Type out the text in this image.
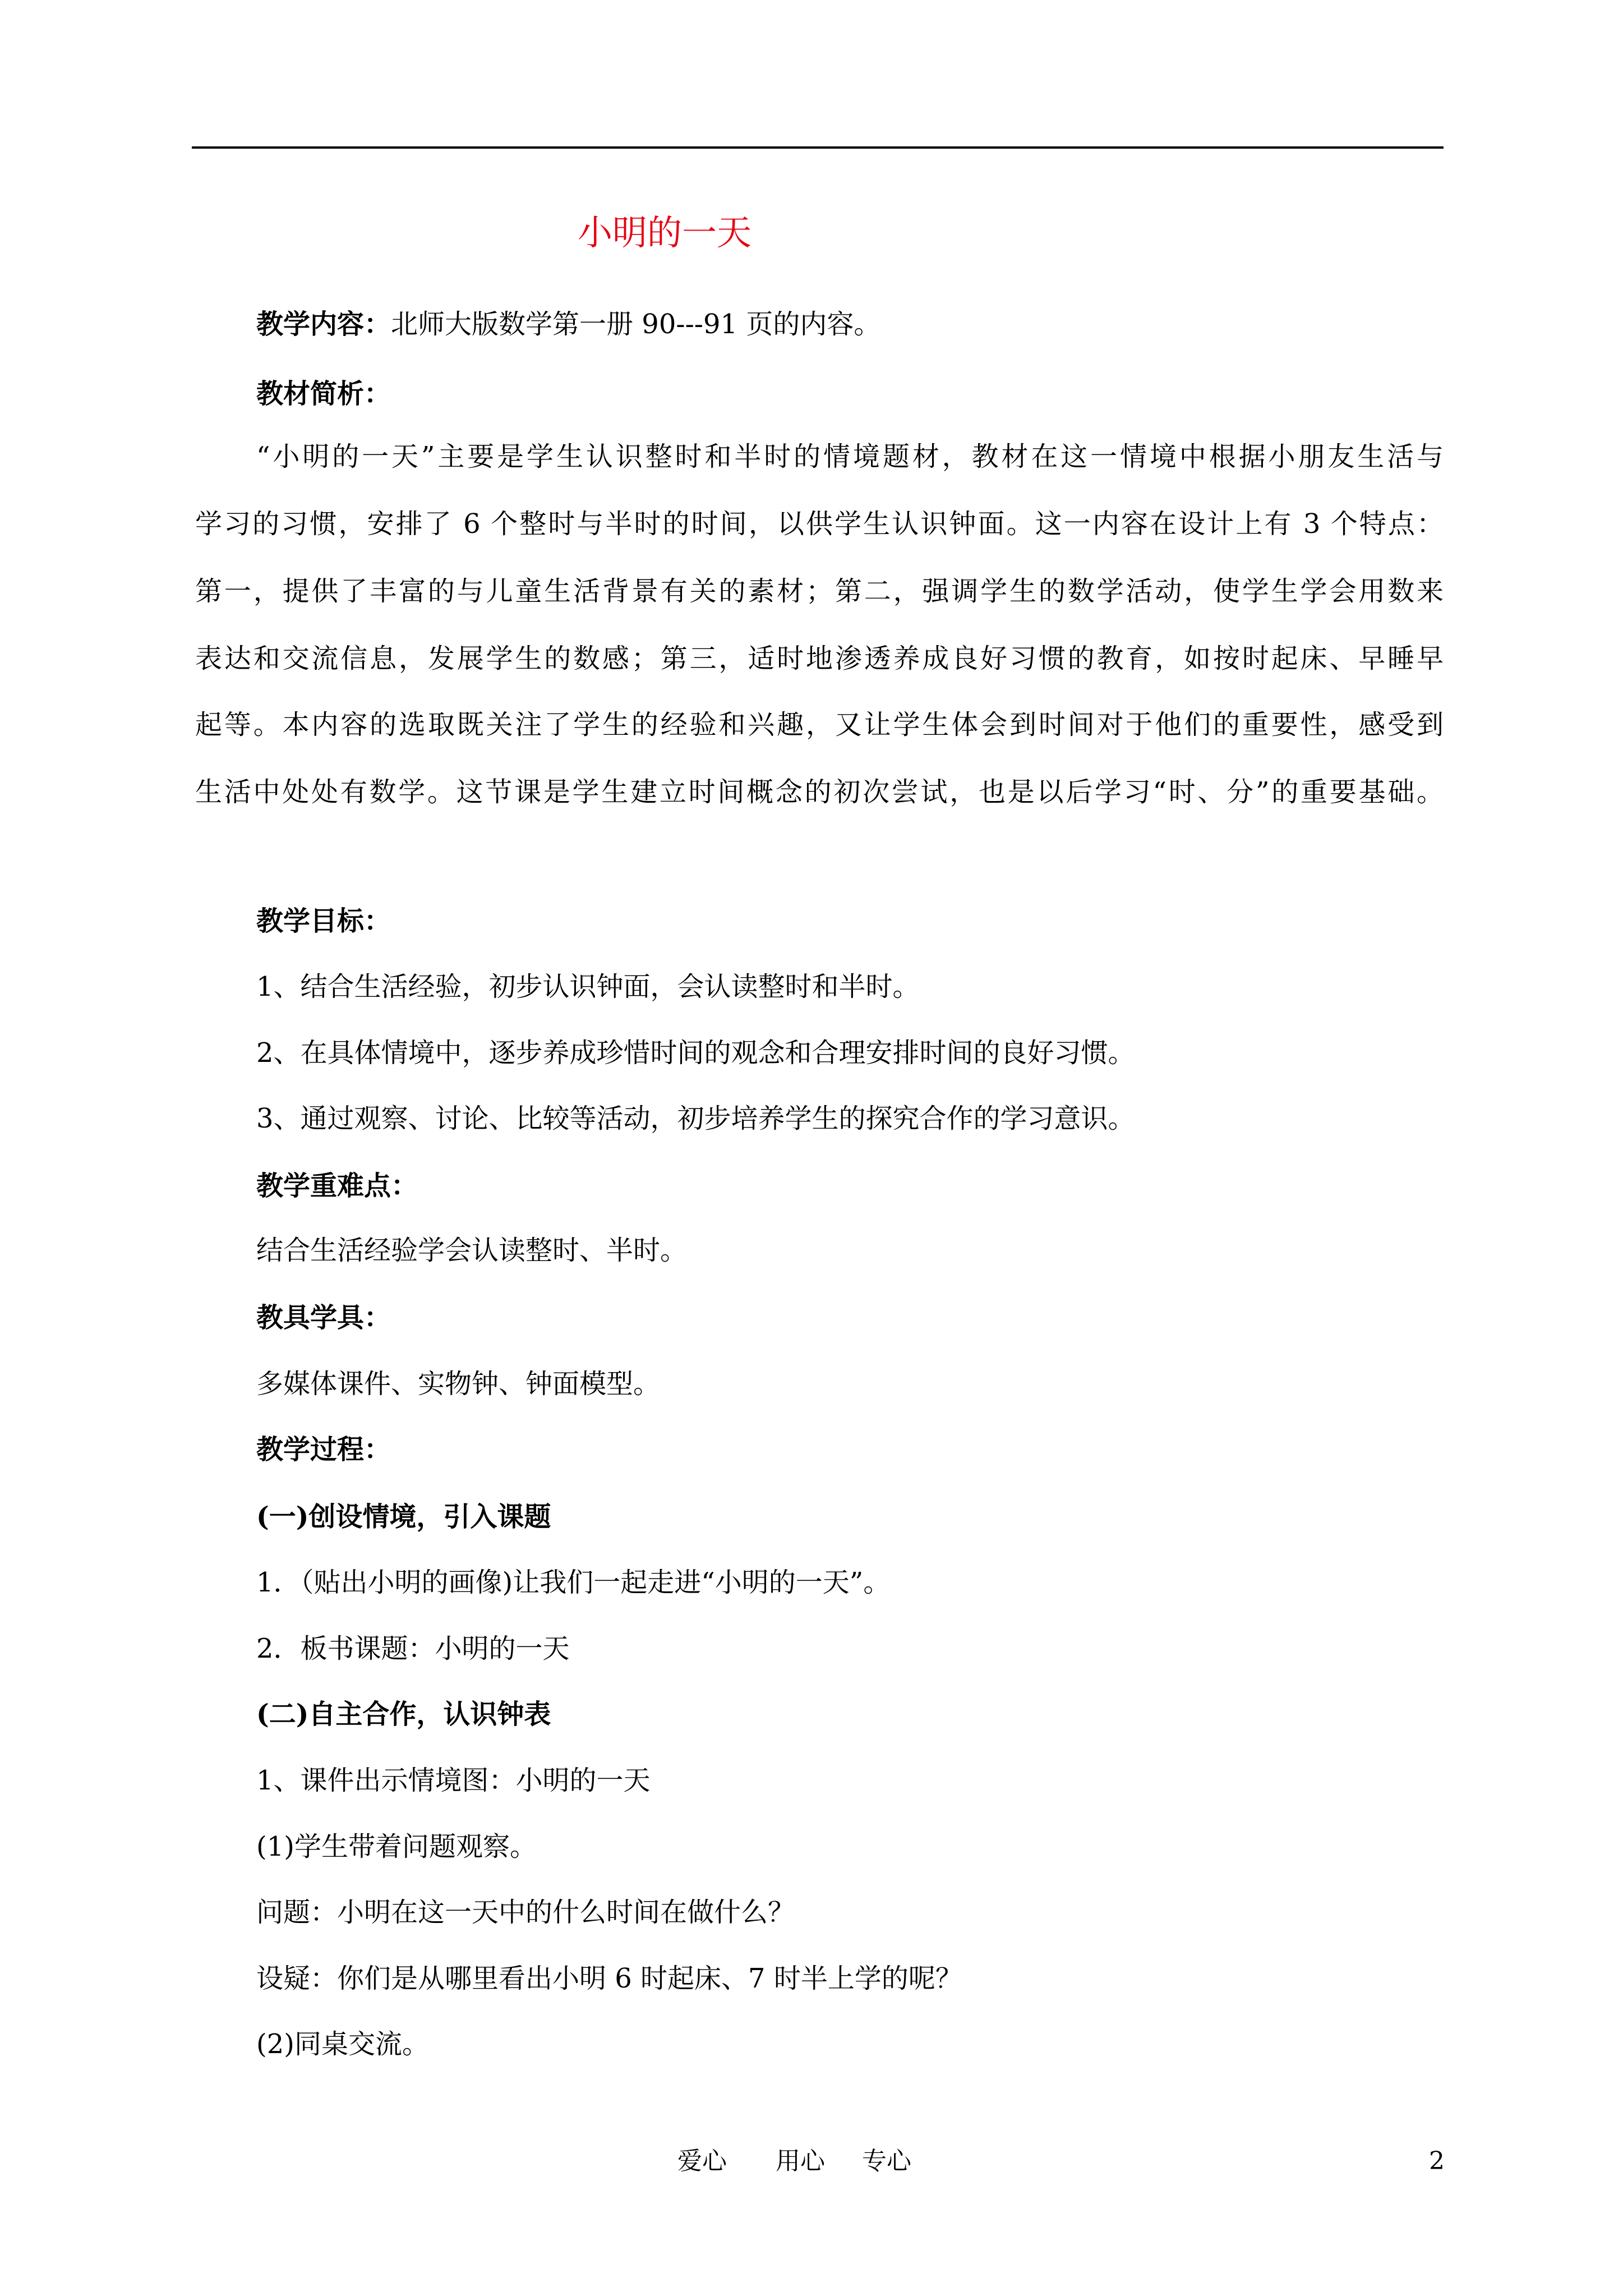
小明的一天
教学内容：北师大版数学第一册 90---91 页的内容。
教材简析：
“小明的一天”主要是学生认识整时和半时的情境题材，教材在这一情境中根据小朋友生活与
学习的习惯，安排了 6 个整时与半时的时间，以供学生认识钟面。这一内容在设计上有 3 个特点：
第一，提供了丰富的与儿童生活背景有关的素材；第二，强调学生的数学活动，使学生学会用数来
表达和交流信息，发展学生的数感；第三，适时地渗透养成良好习惯的教育，如按时起床、早睡早
起等。本内容的选取既关注了学生的经验和兴趣，又让学生体会到时间对于他们的重要性，感受到
生活中处处有数学。这节课是学生建立时间概念的初次尝试，也是以后学习“时、分”的重要基础。
教学目标：
1、结合生活经验，初步认识钟面，会认读整时和半时。
2、在具体情境中，逐步养成珍惜时间的观念和合理安排时间的良好习惯。
3、通过观察、讨论、比较等活动，初步培养学生的探究合作的学习意识。
教学重难点：
结合生活经验学会认读整时、半时。
教具学具：
多媒体课件、实物钟、钟面模型。
教学过程：
(一)创设情境，引入课题
1．（贴出小明的画像)让我们一起走进“小明的一天”。
2．板书课题：小明的一天
(二)自主合作，认识钟表
1、课件出示情境图：小明的一天
(1)学生带着问题观察。
问题：小明在这一天中的什么时间在做什么？
设疑：你们是从哪里看出小明 6 时起床、7 时半上学的呢？
(2)同桌交流。
爱心 用心 专心	2
